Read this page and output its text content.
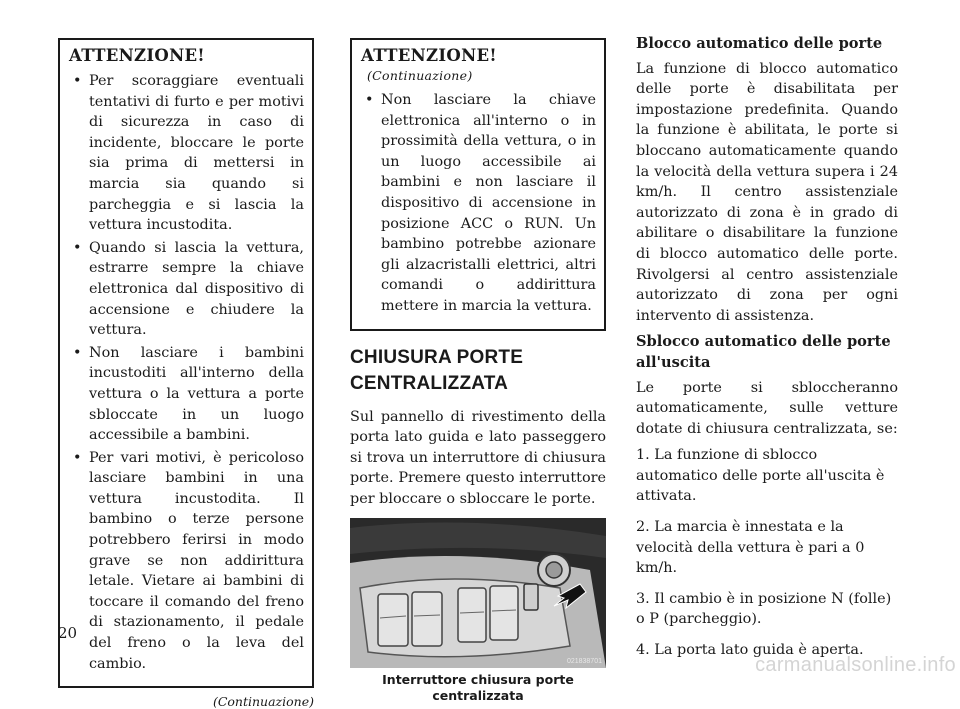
ATTENZIONE!
• Per scoraggiare eventuali tentativi di furto e per motivi di sicurezza in caso di incidente, bloccare le porte sia prima di mettersi in marcia sia quando si parcheggia e si lascia la vettura incustodita.
• Quando si lascia la vettura, estrarre sempre la chiave elettronica dal dispositivo di accensione e chiudere la vettura.
• Non lasciare i bambini incustoditi all'interno della vettura o la vettura a porte sbloccate in un luogo accessibile a bambini.
• Per vari motivi, è pericoloso lasciare bambini in una vettura incustodita. Il bambino o terze persone potrebbero ferirsi in modo grave se non addirittura letale. Vietare ai bambini di toccare il comando del freno di stazionamento, il pedale del freno o la leva del cambio.
(Continuazione)
ATTENZIONE!(Continuazione)
• Non lasciare la chiave elettronica all'interno o in prossimità della vettura, o in un luogo accessibile ai bambini e non lasciare il dispositivo di accensione in posizione ACC o RUN. Un bambino potrebbe azionare gli alzacristalli elettrici, altri comandi o addirittura mettere in marcia la vettura.
CHIUSURA PORTE
CENTRALIZZATA
Sul pannello di rivestimento della porta lato guida e lato passeggero si trova un interruttore di chiusura porte. Premere questo interruttore per bloccare o sbloccare le porte.
021838701
Interruttore chiusura porte
centralizzata
Blocco automatico delle porte
La funzione di blocco automatico delle porte è disabilitata per impostazione predefinita. Quando la funzione è abilitata, le porte si bloccano automaticamente quando la velocità della vettura supera i 24 km/h. Il centro assistenziale autorizzato di zona è in grado di abilitare o disabilitare la funzione di blocco automatico delle porte. Rivolgersi al centro assistenziale autorizzato di zona per ogni intervento di assistenza.
Sblocco automatico delle porte
all'uscita
Le porte si sbloccheranno automaticamente, sulle vetture dotate di chiusura centralizzata, se:
1. La funzione di sblocco automatico delle porte all'uscita è attivata.
2. La marcia è innestata e la velocità della vettura è pari a 0 km/h.
3. Il cambio è in posizione N (folle) o P (parcheggio).
4. La porta lato guida è aperta.
20
carmanualsonline.info
